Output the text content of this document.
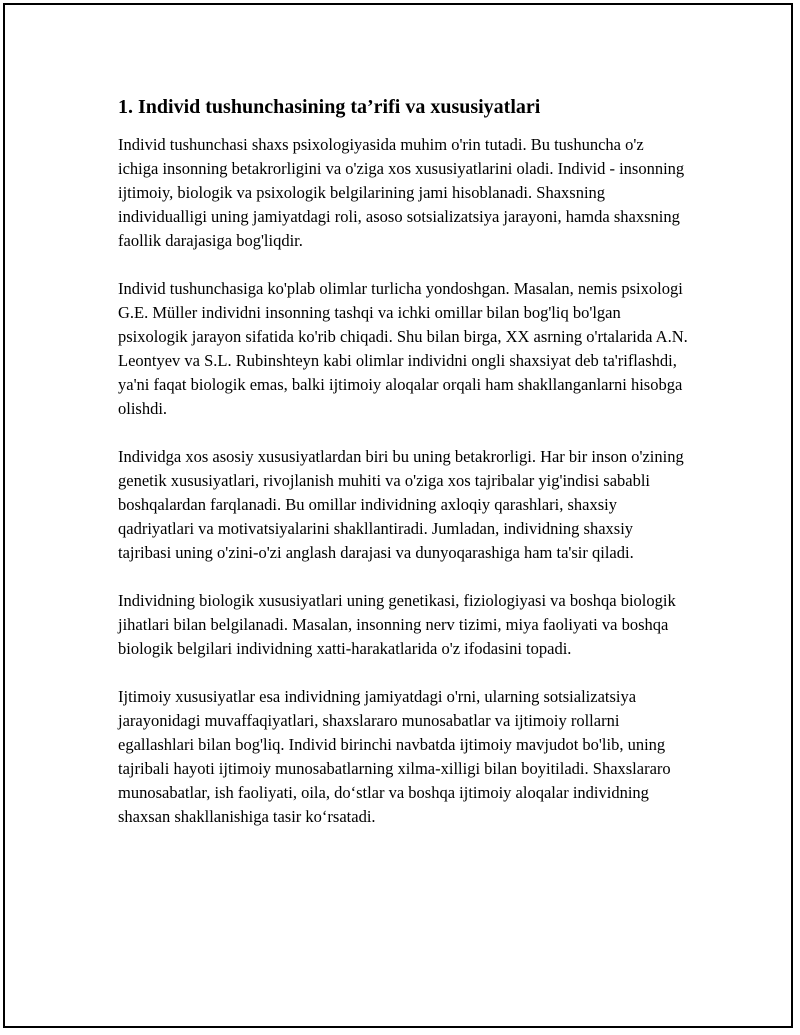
1. Individ tushunchasining ta’rifi va xususiyatlari

Individ tushunchasi shaxs psixologiyasida muhim o'rin tutadi. Bu tushuncha o'z ichiga insonning betakrorligini va o'ziga xos xususiyatlarini oladi. Individ - insonning ijtimoiy, biologik va psixologik belgilarining jami hisoblanadi. Shaxsning individualligi uning jamiyatdagi roli, asoso sotsializatsiya jarayoni, hamda shaxsning faollik darajasiga bog'liqdir.

Individ tushunchasiga ko'plab olimlar turlicha yondoshgan. Masalan, nemis psixologi G.E. Müller individni insonning tashqi va ichki omillar bilan bog'liq bo'lgan psixologik jarayon sifatida ko'rib chiqadi. Shu bilan birga, XX asrning o'rtalarida A.N. Leontyev va S.L. Rubinshteyn kabi olimlar individni ongli shaxsiyat deb ta'riflashdi, ya'ni faqat biologik emas, balki ijtimoiy aloqalar orqali ham shakllanganlarni hisobga olishdi.

Individga xos asosiy xususiyatlardan biri bu uning betakrorligi. Har bir inson o'zining genetik xususiyatlari, rivojlanish muhiti va o'ziga xos tajribalar yig'indisi sababli boshqalardan farqlanadi. Bu omillar individning axloqiy qarashlari, shaxsiy qadriyatlari va motivatsiyalarini shakllantiradi. Jumladan, individning shaxsiy tajribasi uning o'zini-o'zi anglash darajasi va dunyoqarashiga ham ta'sir qiladi.

Individning biologik xususiyatlari uning genetikasi, fiziologiyasi va boshqa biologik jihatlari bilan belgilanadi. Masalan, insonning nerv tizimi, miya faoliyati va boshqa biologik belgilari individning xatti-harakatlarida o'z ifodasini topadi.

Ijtimoiy xususiyatlar esa individning jamiyatdagi o'rni, ularning sotsializatsiya jarayonidagi muvaffaqiyatlari, shaxslararo munosabatlar va ijtimoiy rollarni egallashlari bilan bog'liq. Individ birinchi navbatda ijtimoiy mavjudot bo'lib, uning tajribali hayoti ijtimoiy munosabatlarning xilma-xilligi bilan boyitiladi. Shaxslararo munosabatlar, ish faoliyati, oila, do‘stlar va boshqa ijtimoiy aloqalar individning shaxsan shakllanishiga tasir ko‘rsatadi.
